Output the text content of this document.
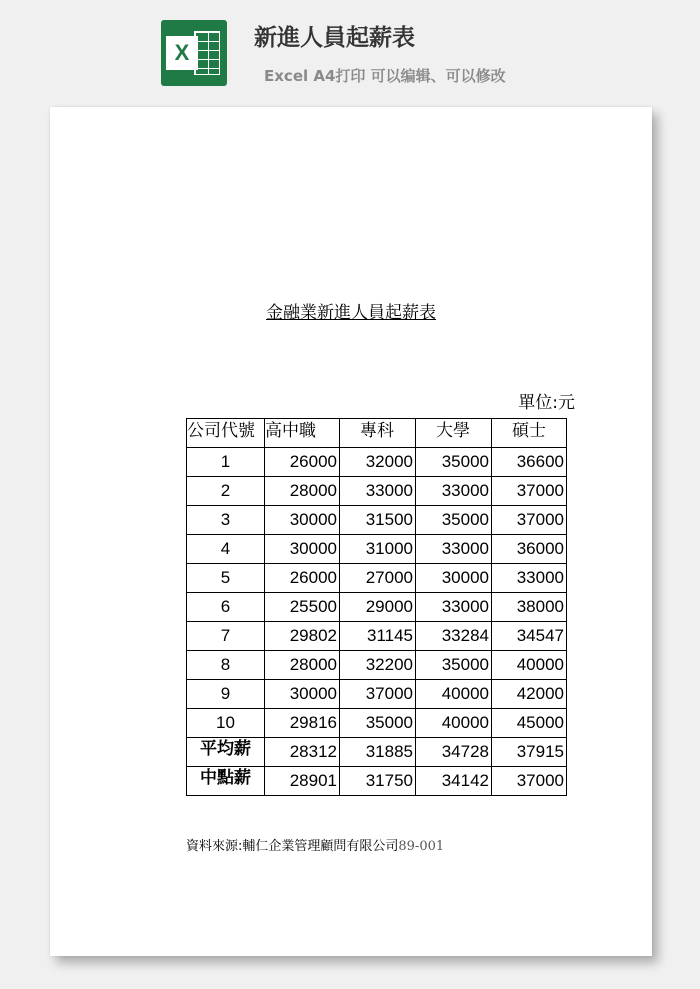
X
新進人員起薪表
Excel A4打印 可以编辑、可以修改
金融業新進人員起薪表
單位:元
公司代號	高中職	專科	大學	碩士
1	26000	32000	35000	36600
2	28000	33000	33000	37000
3	30000	31500	35000	37000
4	30000	31000	33000	36000
5	26000	27000	30000	33000
6	25500	29000	33000	38000
7	29802	31145	33284	34547
8	28000	32200	35000	40000
9	30000	37000	40000	42000
10	29816	35000	40000	45000
平均薪	28312	31885	34728	37915
中點薪	28901	31750	34142	37000
資料來源:輔仁企業管理顧問有限公司89-001
